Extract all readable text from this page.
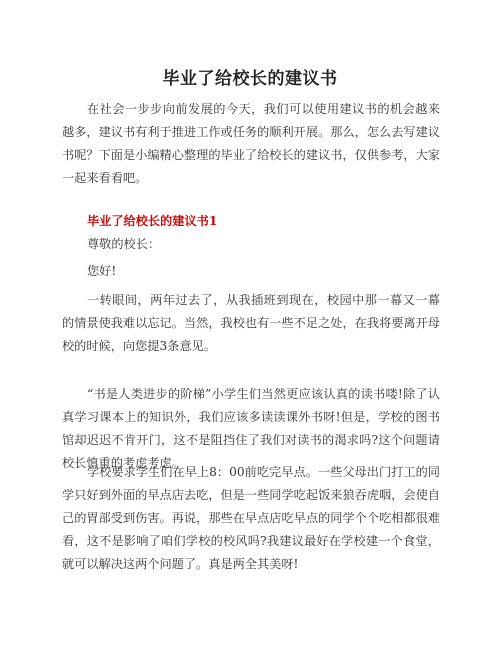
毕业了给校长的建议书

在社会一步步向前发展的今天，我们可以使用建议书的机会越来越多，建议书有利于推进工作或任务的顺利开展。那么，怎么去写建议书呢？下面是小编精心整理的毕业了给校长的建议书，仅供参考，大家一起来看看吧。

毕业了给校长的建议书1

尊敬的校长：

您好!

一转眼间，两年过去了，从我插班到现在，校园中那一幕又一幕的情景使我难以忘记。当然，我校也有一些不足之处，在我将要离开母校的时候，向您提3条意见。

“书是人类进步的阶梯”小学生们当然更应该认真的读书喽!除了认真学习课本上的知识外，我们应该多读读课外书呀!但是，学校的图书馆却迟迟不肯开门，这不是阻挡住了我们对读书的渴求吗?这个问题请校长慎重的考虑考虑。

学校要求学生们在早上8：00前吃完早点。一些父母出门打工的同学只好到外面的早点店去吃，但是一些同学吃起饭来狼吞虎咽，会使自己的胃部受到伤害。再说，那些在早点店吃早点的同学个个吃相都很难看，这不是影响了咱们学校的校风吗?我建议最好在学校建一个食堂，就可以解决这两个问题了。真是两全其美呀!
